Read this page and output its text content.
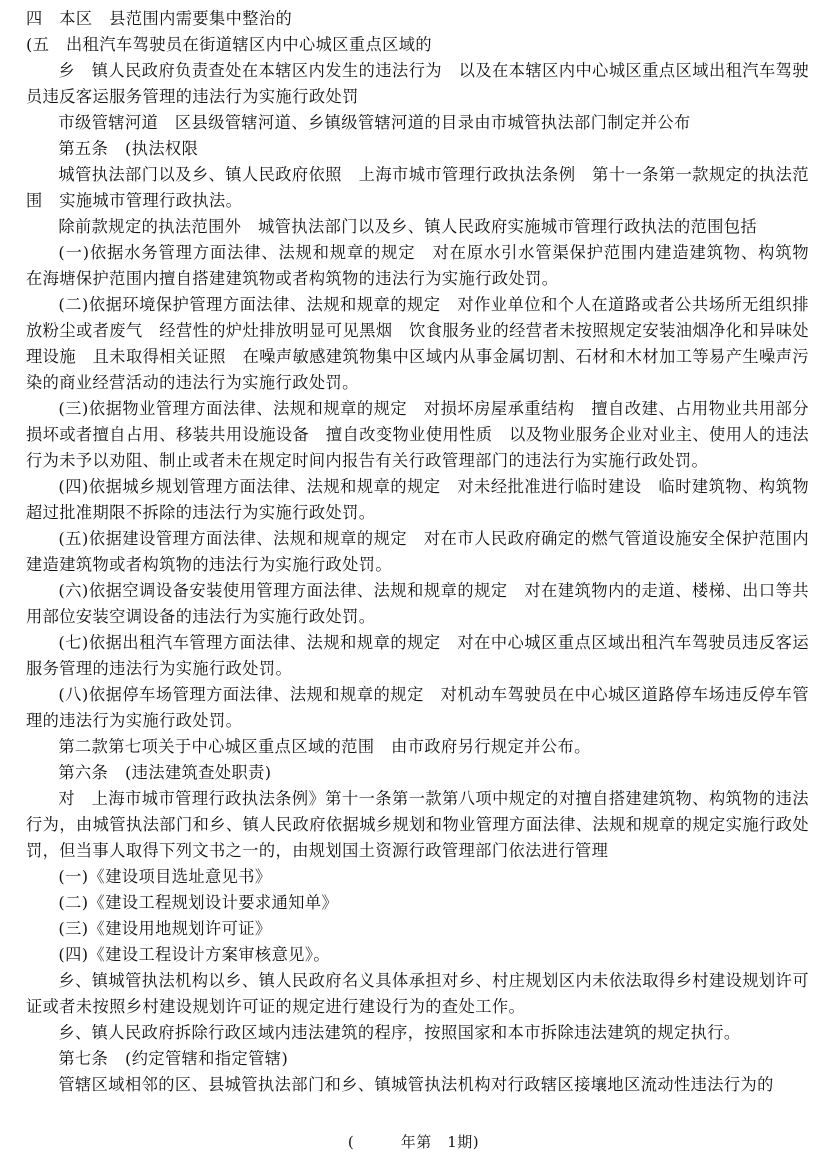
四　本区　县范围内需要集中整治的

(五　出租汽车驾驶员在街道辖区内中心城区重点区域的

乡　镇人民政府负责查处在本辖区内发生的违法行为　以及在本辖区内中心城区重点区域出租汽车驾驶员违反客运服务管理的违法行为实施行政处罚

市级管辖河道　区县级管辖河道、乡镇级管辖河道的目录由市城管执法部门制定并公布

第五条　(执法权限

城管执法部门以及乡、镇人民政府依照　上海市城市管理行政执法条例　第十一条第一款规定的执法范围　实施城市管理行政执法。

除前款规定的执法范围外　城管执法部门以及乡、镇人民政府实施城市管理行政执法的范围包括

(一)依据水务管理方面法律、法规和规章的规定　对在原水引水管渠保护范围内建造建筑物、构筑物　在海塘保护范围内擅自搭建建筑物或者构筑物的违法行为实施行政处罚。

(二)依据环境保护管理方面法律、法规和规章的规定　对作业单位和个人在道路或者公共场所无组织排放粉尘或者废气　经营性的炉灶排放明显可见黑烟　饮食服务业的经营者未按照规定安装油烟净化和异味处理设施　且未取得相关证照　在噪声敏感建筑物集中区域内从事金属切割、石材和木材加工等易产生噪声污染的商业经营活动的违法行为实施行政处罚。

(三)依据物业管理方面法律、法规和规章的规定　对损坏房屋承重结构　擅自改建、占用物业共用部分　损坏或者擅自占用、移装共用设施设备　擅自改变物业使用性质　以及物业服务企业对业主、使用人的违法行为未予以劝阻、制止或者未在规定时间内报告有关行政管理部门的违法行为实施行政处罚。

(四)依据城乡规划管理方面法律、法规和规章的规定　对未经批准进行临时建设　临时建筑物、构筑物超过批准期限不拆除的违法行为实施行政处罚。

(五)依据建设管理方面法律、法规和规章的规定　对在市人民政府确定的燃气管道设施安全保护范围内　建造建筑物或者构筑物的违法行为实施行政处罚。

(六)依据空调设备安装使用管理方面法律、法规和规章的规定　对在建筑物内的走道、楼梯、出口等共用部位安装空调设备的违法行为实施行政处罚。

(七)依据出租汽车管理方面法律、法规和规章的规定　对在中心城区重点区域出租汽车驾驶员违反客运服务管理的违法行为实施行政处罚。

(八)依据停车场管理方面法律、法规和规章的规定　对机动车驾驶员在中心城区道路停车场违反停车管理的违法行为实施行政处罚。

第二款第七项关于中心城区重点区域的范围　由市政府另行规定并公布。

第六条　(违法建筑查处职责)

对　上海市城市管理行政执法条例》第十一条第一款第八项中规定的对擅自搭建建筑物、构筑物的违法行为，由城管执法部门和乡、镇人民政府依据城乡规划和物业管理方面法律、法规和规章的规定实施行政处罚，但当事人取得下列文书之一的，由规划国土资源行政管理部门依法进行管理

(一)《建设项目选址意见书》

(二)《建设工程规划设计要求通知单》

(三)《建设用地规划许可证》

(四)《建设工程设计方案审核意见》。

乡、镇城管执法机构以乡、镇人民政府名义具体承担对乡、村庄规划区内未依法取得乡村建设规划许可证或者未按照乡村建设规划许可证的规定进行建设行为的查处工作。

乡、镇人民政府拆除行政区域内违法建筑的程序，按照国家和本市拆除违法建筑的规定执行。

第七条　(约定管辖和指定管辖)

管辖区域相邻的区、县城管执法部门和乡、镇城管执法机构对行政辖区接壤地区流动性违法行为的

(　　　年第　1期)
